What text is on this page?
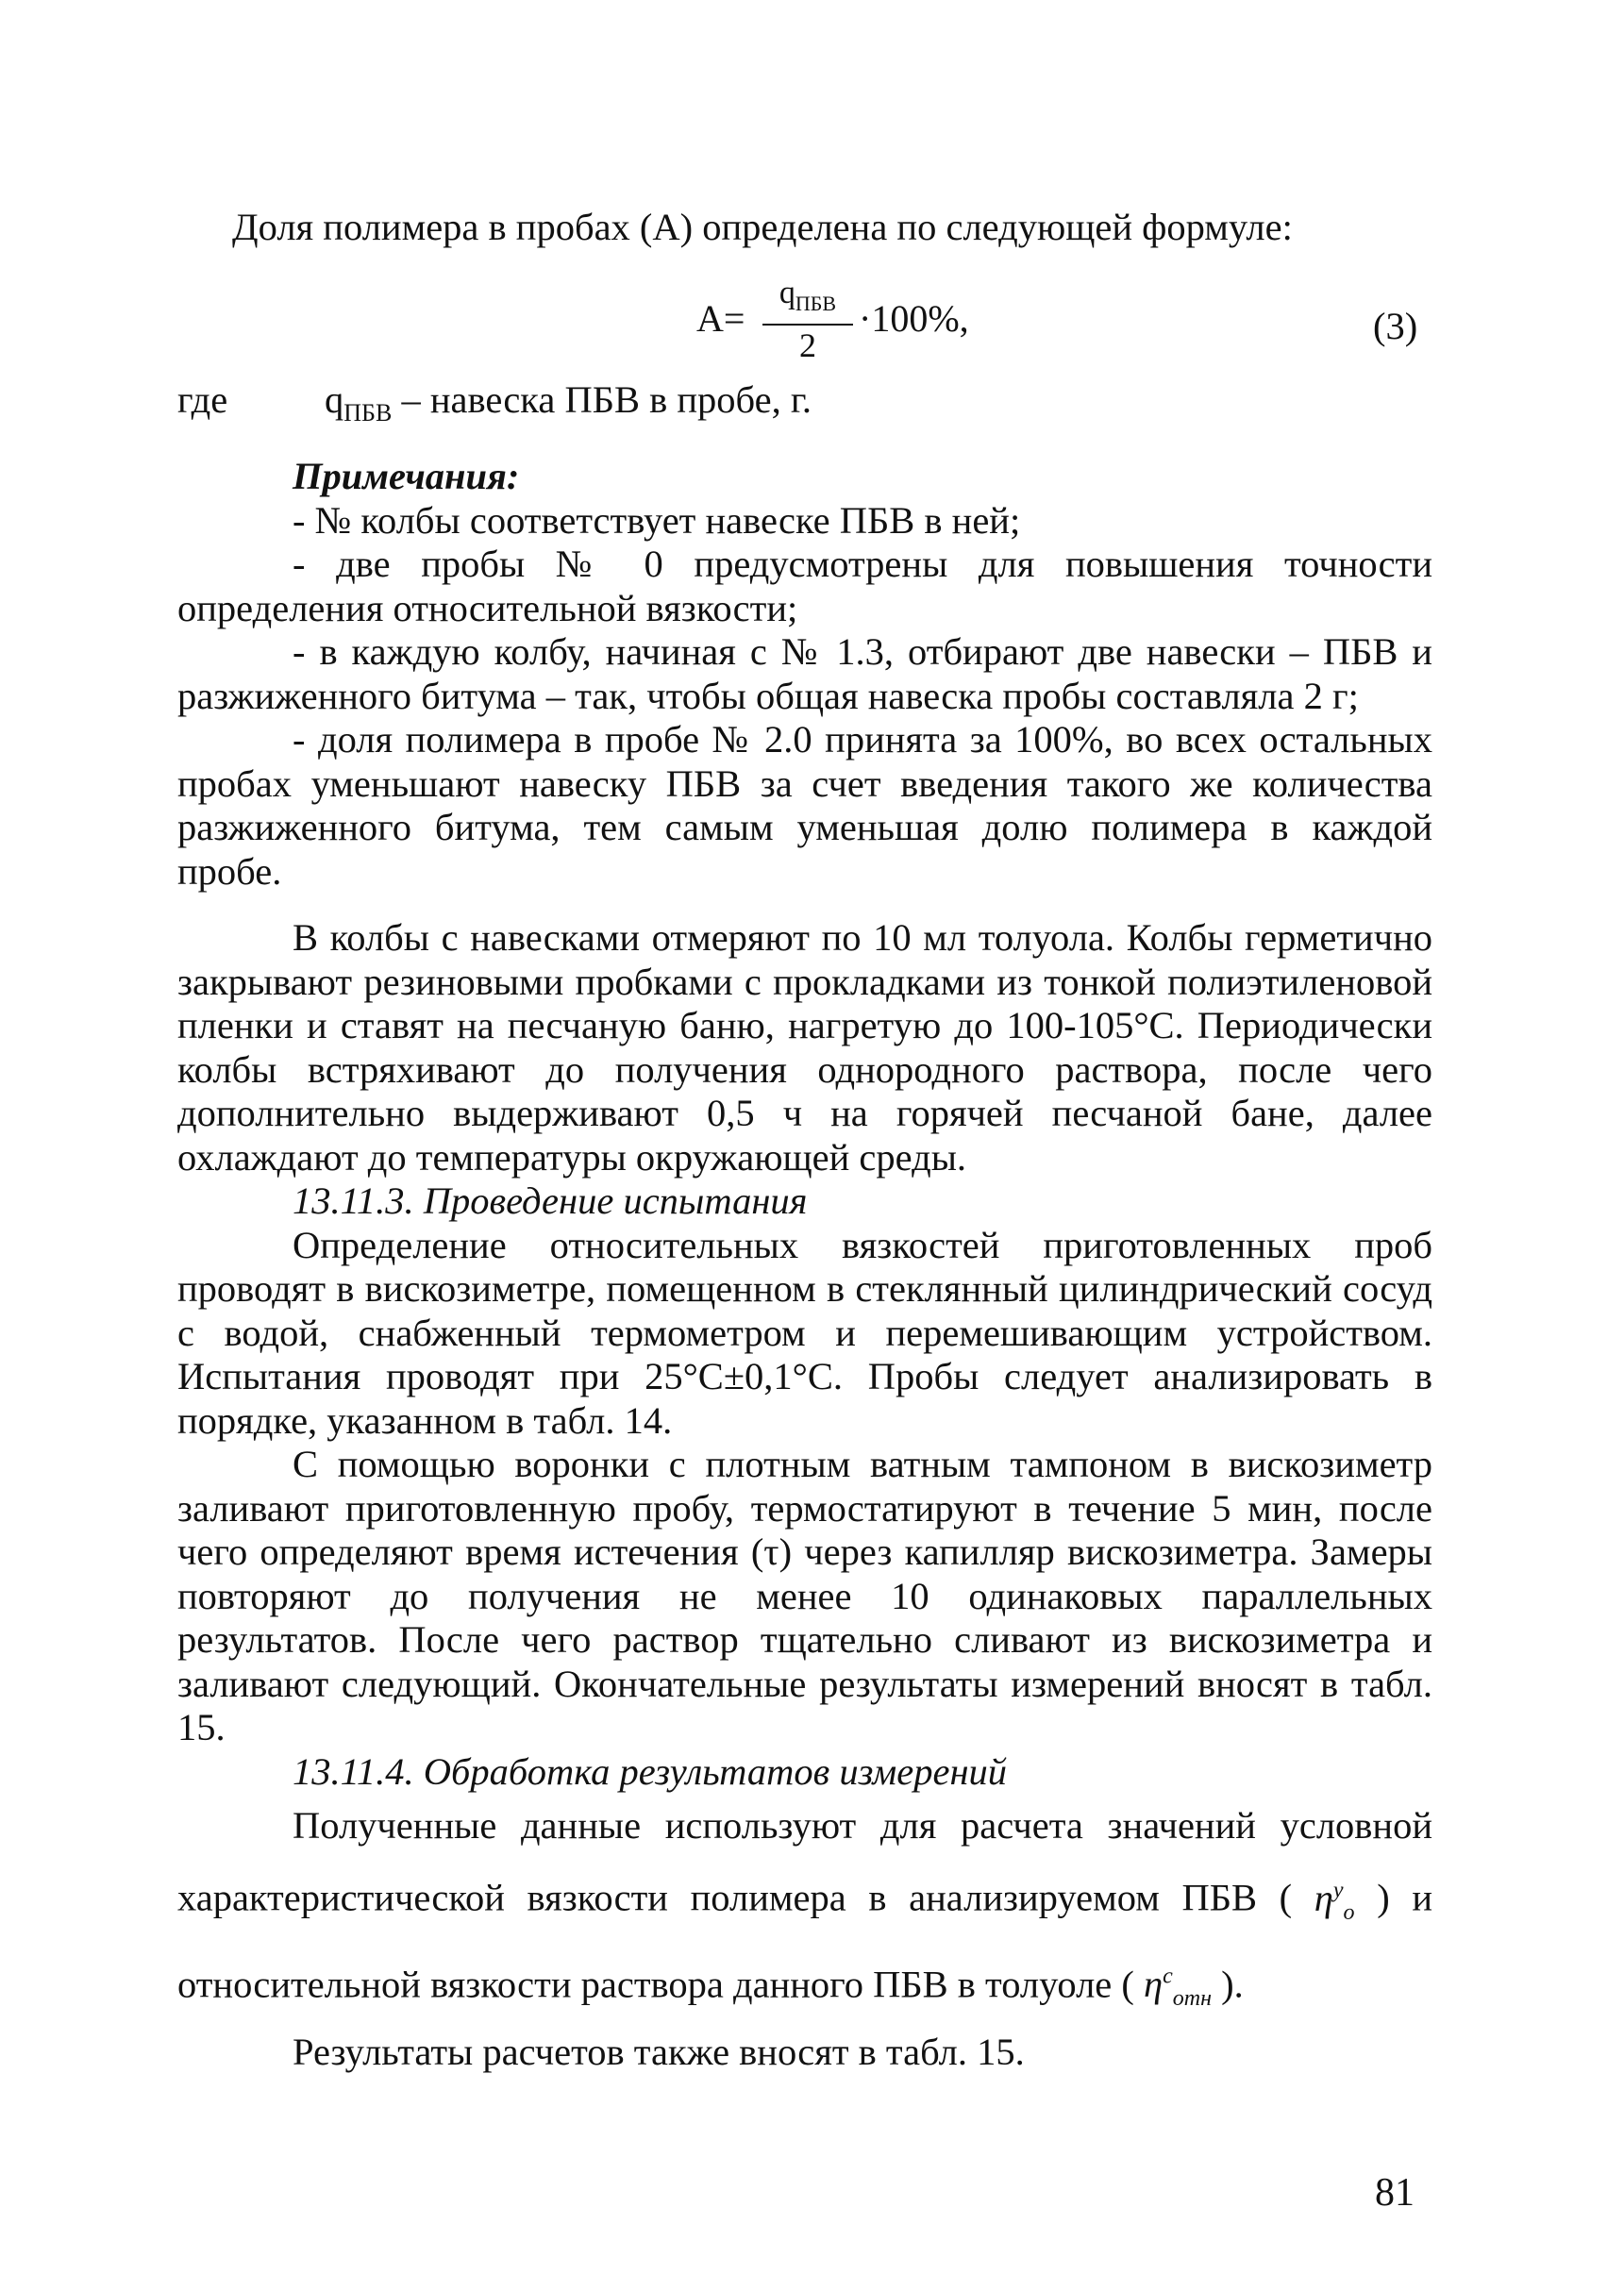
Доля полимера в пробах (А) определена по следующей формуле:
А=
$q_{ПБВ}$
2
·100%,	(3)
где	$q_{ПБВ}$ – навеска ПБВ в пробе, г.

Примечания:

- № колбы соответствует навеске ПБВ в ней;

- две пробы № 0 предусмотрены для повышения точности определения относительной вязкости;

- в каждую колбу, начиная с № 1.3, отбирают две навески – ПБВ и разжиженного битума – так, чтобы общая навеска пробы составляла 2 г;

- доля полимера в пробе № 2.0 принята за 100%, во всех остальных пробах уменьшают навеску ПБВ за счет введения такого же количества разжиженного битума, тем самым уменьшая долю полимера в каждой пробе.

В колбы с навесками отмеряют по 10 мл толуола. Колбы герметично закрывают резиновыми пробками с прокладками из тонкой полиэтиленовой пленки и ставят на песчаную баню, нагретую до 100-105°С. Периодически колбы встряхивают до получения однородного раствора, после чего дополнительно выдерживают 0,5 ч на горячей песчаной бане, далее охлаждают до температуры окружающей среды.

13.11.3. Проведение испытания

Определение относительных вязкостей приготовленных проб проводят в вискозиметре, помещенном в стеклянный цилиндрический сосуд с водой, снабженный термометром и перемешивающим устройством. Испытания проводят при 25°С±0,1°С. Пробы следует анализировать в порядке, указанном в табл. 14.

С помощью воронки с плотным ватным тампоном в вискозиметр заливают приготовленную пробу, термостатируют в течение 5 мин, после чего определяют время истечения (τ) через капилляр вискозиметра. Замеры повторяют до получения не менее 10 одинаковых параллельных результатов. После чего раствор тщательно сливают из вискозиметра и заливают следующий. Окончательные результаты измерений вносят в табл. 15.

13.11.4. Обработка результатов измерений

Полученные данные используют для расчета значений условной характеристической вязкости полимера в анализируемом ПБВ ( $\eta^у_о$ ) и относительной вязкости раствора данного ПБВ в толуоле ( $\eta^с_{отн}$ ).

Результаты расчетов также вносят в табл. 15.

81
